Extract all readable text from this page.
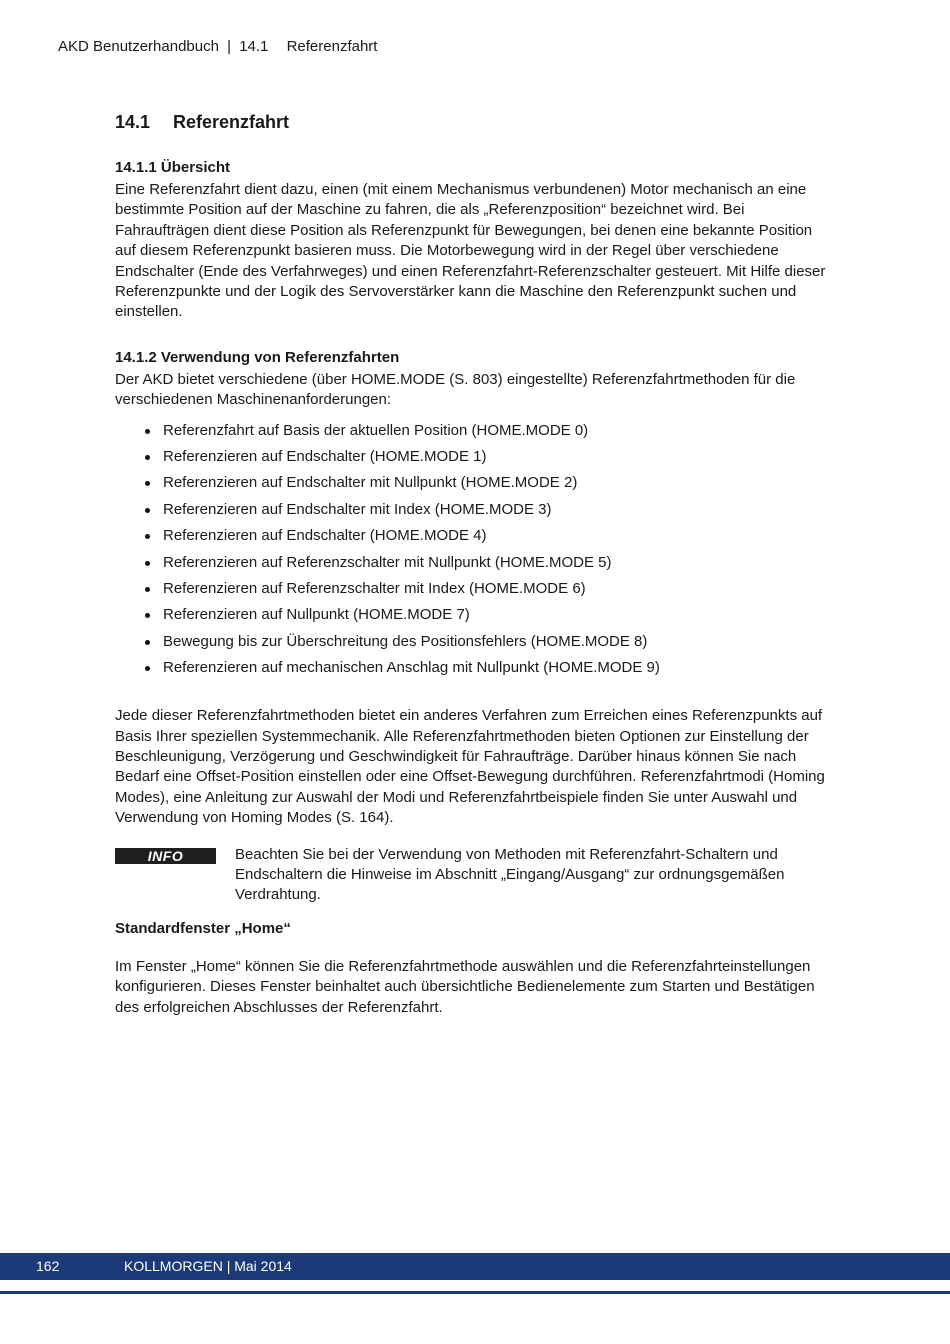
AKD Benutzerhandbuch | 14.1 Referenzfahrt
14.1 Referenzfahrt
14.1.1 Übersicht

Eine Referenzfahrt dient dazu, einen (mit einem Mechanismus verbundenen) Motor mechanisch an eine bestimmte Position auf der Maschine zu fahren, die als „Referenzposition“ bezeichnet wird. Bei Fahraufträgen dient diese Position als Referenzpunkt für Bewegungen, bei denen eine bekannte Position auf diesem Referenzpunkt basieren muss. Die Motorbewegung wird in der Regel über verschiedene Endschalter (Ende des Verfahrweges) und einen Referenzfahrt-Referenzschalter gesteuert. Mit Hilfe dieser Referenzpunkte und der Logik des Servoverstärker kann die Maschine den Referenzpunkt suchen und einstellen.

14.1.2 Verwendung von Referenzfahrten

Der AKD bietet verschiedene (über HOME.MODE (S. 803) eingestellte) Referenzfahrtmethoden für die verschiedenen Maschinenanforderungen:

Referenzfahrt auf Basis der aktuellen Position (HOME.MODE 0)
Referenzieren auf Endschalter (HOME.MODE 1)
Referenzieren auf Endschalter mit Nullpunkt (HOME.MODE 2)
Referenzieren auf Endschalter mit Index (HOME.MODE 3)
Referenzieren auf Endschalter (HOME.MODE 4)
Referenzieren auf Referenzschalter mit Nullpunkt (HOME.MODE 5)
Referenzieren auf Referenzschalter mit Index (HOME.MODE 6)
Referenzieren auf Nullpunkt (HOME.MODE 7)
Bewegung bis zur Überschreitung des Positionsfehlers (HOME.MODE 8)
Referenzieren auf mechanischen Anschlag mit Nullpunkt (HOME.MODE 9)

Jede dieser Referenzfahrtmethoden bietet ein anderes Verfahren zum Erreichen eines Referenzpunkts auf Basis Ihrer speziellen Systemmechanik. Alle Referenzfahrtmethoden bieten Optionen zur Einstellung der Beschleunigung, Verzögerung und Geschwindigkeit für Fahraufträge. Darüber hinaus können Sie nach Bedarf eine Offset-Position einstellen oder eine Offset-Bewegung durchführen. Referenzfahrtmodi (Homing Modes), eine Anleitung zur Auswahl der Modi und Referenzfahrtbeispiele finden Sie unter Auswahl und Verwendung von Homing Modes (S. 164).

INFO	Beachten Sie bei der Verwendung von Methoden mit Referenzfahrt-Schaltern und Endschaltern die Hinweise im Abschnitt „Eingang/Ausgang“ zur ordnungsgemäßen Verdrahtung.

Standardfenster „Home“

Im Fenster „Home“ können Sie die Referenzfahrtmethode auswählen und die Referenzfahrteinstellungen konfigurieren. Dieses Fenster beinhaltet auch übersichtliche Bedienelemente zum Starten und Bestätigen des erfolgreichen Abschlusses der Referenzfahrt.

162	KOLLMORGEN | Mai 2014
